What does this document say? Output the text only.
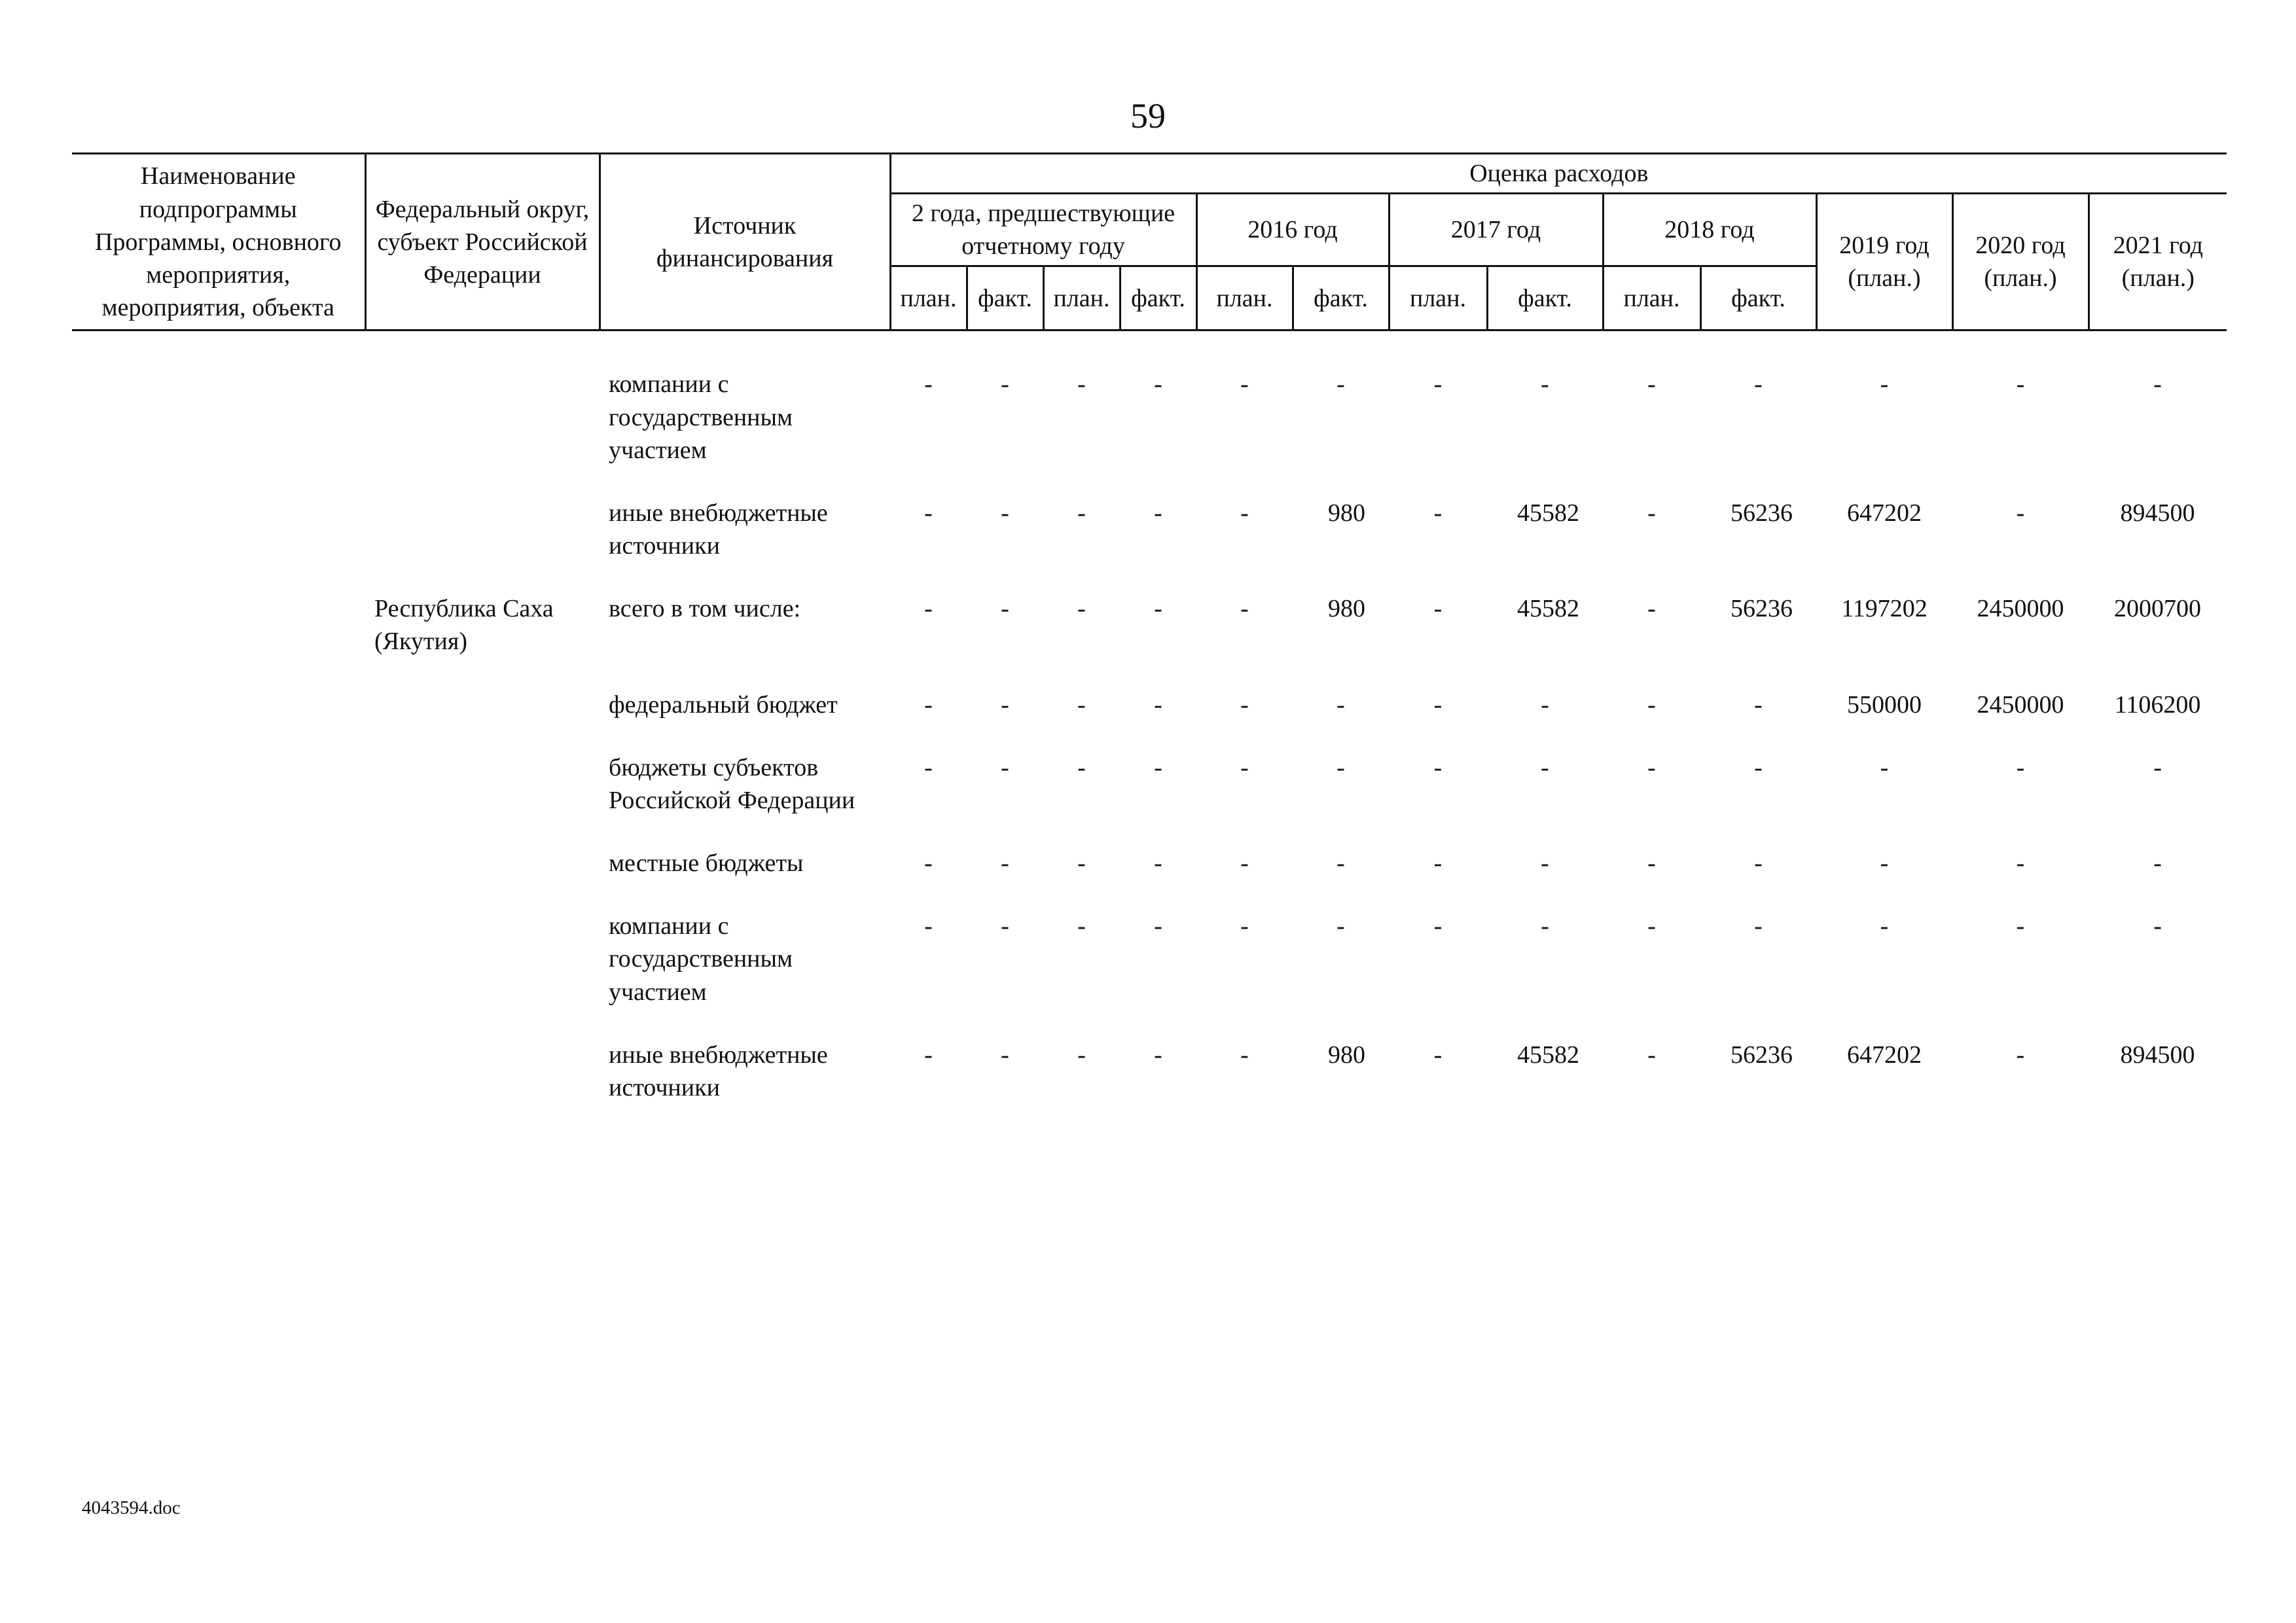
59
Наименование подпрограммы Программы, основного мероприятия, мероприятия, объекта	Федеральный округ, субъект Российской Федерации	Источник финансирования	Оценка расходов												
			2 года, предшествующие отчетному году				2016 год		2017 год		2018 год		2019 год (план.)	2020 год (план.)	2021 год (план.)
			план.	факт.	план.	факт.	план.	факт.	план.	факт.	план.	факт.			
		компании с государственным участием	-	-	-	-	-	-	-	-	-	-	-	-	-
		иные внебюджетные источники	-	-	-	-	-	980	-	45582	-	56236	647202	-	894500
	Республика Саха (Якутия)	всего в том числе:	-	-	-	-	-	980	-	45582	-	56236	1197202	2450000	2000700
		федеральный бюджет	-	-	-	-	-	-	-	-	-	-	550000	2450000	1106200
		бюджеты субъектов Российской Федерации	-	-	-	-	-	-	-	-	-	-	-	-	-
		местные бюджеты	-	-	-	-	-	-	-	-	-	-	-	-	-
		компании с государственным участием	-	-	-	-	-	-	-	-	-	-	-	-	-
		иные внебюджетные источники	-	-	-	-	-	980	-	45582	-	56236	647202	-	894500
4043594.doc
